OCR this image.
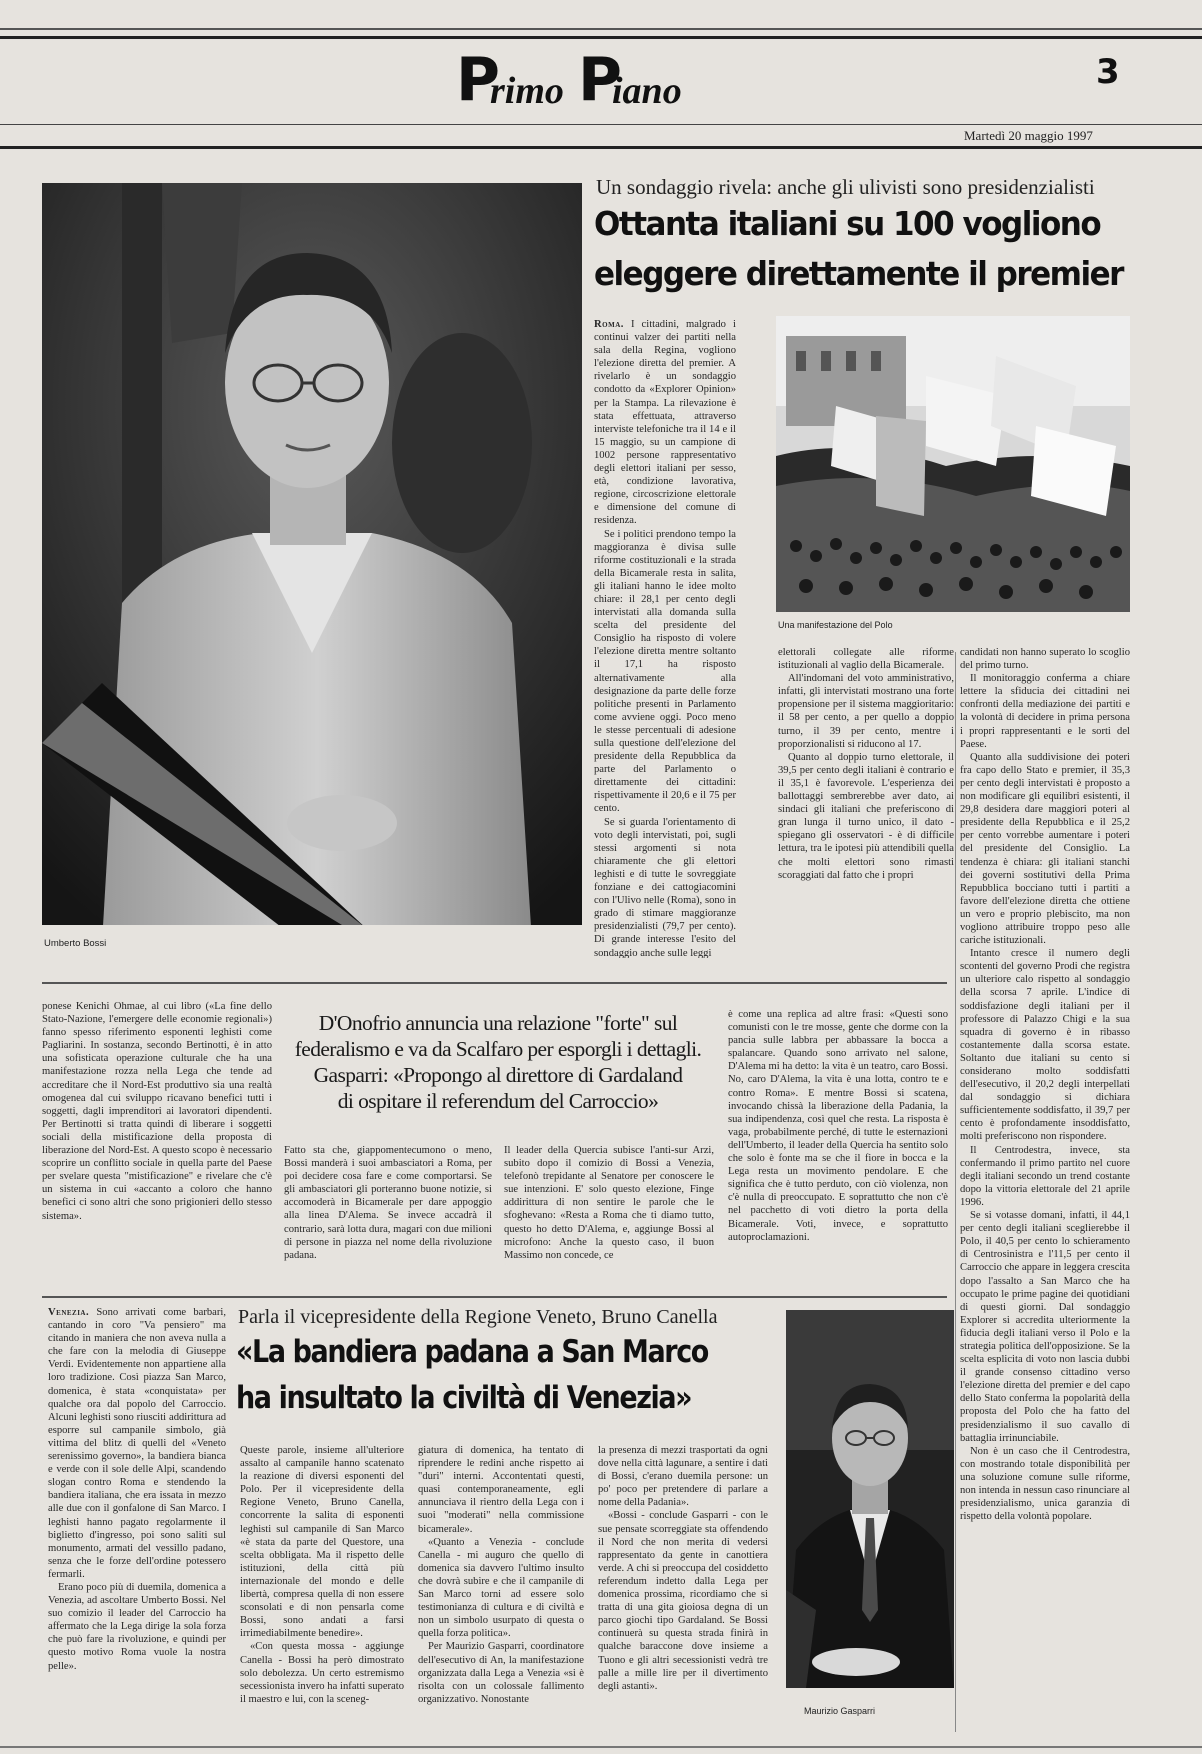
P
rimo P
iano	3
Martedì 20 maggio 1997
Umberto Bossi
Un sondaggio rivela: anche gli ulivisti sono presidenzialisti
Ottanta italiani su 100 vogliono
eleggere direttamente il premier

Roma. I cittadini, malgrado i continui valzer dei partiti nella sala della Regina, vogliono l'elezione diretta del premier. A rivelarlo è un sondaggio condotto da «Explorer Opinion» per la Stampa. La rilevazione è stata effettuata, attraverso interviste telefoniche tra il 14 e il 15 maggio, su un campione di 1002 persone rappresentativo degli elettori italiani per sesso, età, condizione lavorativa, regione, circoscrizione elettorale e dimensione del comune di residenza.

Se i politici prendono tempo la maggioranza è divisa sulle riforme costituzionali e la strada della Bicamerale resta in salita, gli italiani hanno le idee molto chiare: il 28,1 per cento degli intervistati alla domanda sulla scelta del presidente del Consiglio ha risposto di volere l'elezione diretta mentre soltanto il 17,1 ha risposto alternativamente alla designazione da parte delle forze politiche presenti in Parlamento come avviene oggi. Poco meno le stesse percentuali di adesione sulla questione dell'elezione del presidente della Repubblica da parte del Parlamento o direttamente dei cittadini: rispettivamente il 20,6 e il 75 per cento.

Se si guarda l'orientamento di voto degli intervistati, poi, sugli stessi argomenti si nota chiaramente che gli elettori leghisti e di tutte le sovreggiate fonziane e dei cattogiacomini con l'Ulivo nelle (Roma), sono in grado di stimare maggioranze presidenzialisti (79,7 per cento). Di grande interesse l'esito del sondaggio anche sulle leggi

Una manifestazione del Polo

elettorali collegate alle riforme istituzionali al vaglio della Bicamerale.

All'indomani del voto amministrativo, infatti, gli intervistati mostrano una forte propensione per il sistema maggioritario: il 58 per cento, a per quello a doppio turno, il 39 per cento, mentre i proporzionalisti si riducono al 17.

Quanto al doppio turno elettorale, il 39,5 per cento degli italiani è contrario e il 35,1 è favorevole. L'esperienza dei ballottaggi sembrerebbe aver dato, ai sindaci gli italiani che preferiscono di gran lunga il turno unico, il dato - spiegano gli osservatori - è di difficile lettura, tra le ipotesi più attendibili quella che molti elettori sono rimasti scoraggiati dal fatto che i propri

candidati non hanno superato lo scoglio del primo turno.

Il monitoraggio conferma a chiare lettere la sfiducia dei cittadini nei confronti della mediazione dei partiti e la volontà di decidere in prima persona i propri rappresentanti e le sorti del Paese.

Quanto alla suddivisione dei poteri fra capo dello Stato e premier, il 35,3 per cento degli intervistati è proposto a non modificare gli equilibri esistenti, il 29,8 desidera dare maggiori poteri al presidente della Repubblica e il 25,2 per cento vorrebbe aumentare i poteri del presidente del Consiglio. La tendenza è chiara: gli italiani stanchi dei governi sostitutivi della Prima Repubblica bocciano tutti i partiti a favore dell'elezione diretta che ottiene un vero e proprio plebiscito, ma non vogliono attribuire troppo peso alle cariche istituzionali.

Intanto cresce il numero degli scontenti del governo Prodi che registra un ulteriore calo rispetto al sondaggio della scorsa 7 aprile. L'indice di soddisfazione degli italiani per il professore di Palazzo Chigi e la sua squadra di governo è in ribasso costantemente dalla scorsa estate. Soltanto due italiani su cento si considerano molto soddisfatti dell'esecutivo, il 20,2 degli interpellati dal sondaggio si dichiara sufficientemente soddisfatto, il 39,7 per cento è profondamente insoddisfatto, molti preferiscono non rispondere.

Il Centrodestra, invece, sta confermando il primo partito nel cuore degli italiani secondo un trend costante dopo la vittoria elettorale del 21 aprile 1996.

Se si votasse domani, infatti, il 44,1 per cento degli italiani sceglierebbe il Polo, il 40,5 per cento lo schieramento di Centrosinistra e l'11,5 per cento il Carroccio che appare in leggera crescita dopo l'assalto a San Marco che ha occupato le prime pagine dei quotidiani di questi giorni. Dal sondaggio Explorer si accredita ulteriormente la fiducia degli italiani verso il Polo e la strategia politica dell'opposizione. Se la scelta esplicita di voto non lascia dubbi il grande consenso cittadino verso l'elezione diretta del premier e del capo dello Stato conferma la popolarità della proposta del Polo che ha fatto del presidenzialismo il suo cavallo di battaglia irrinunciabile.

Non è un caso che il Centrodestra, con mostrando totale disponibilità per una soluzione comune sulle riforme, non intenda in nessun caso rinunciare al presidenzialismo, unica garanzia di rispetto della volontà popolare.

ponese Kenichi Ohmae, al cui libro («La fine dello Stato-Nazione, l'emergere delle economie regionali») fanno spesso riferimento esponenti leghisti come Pagliarini. In sostanza, secondo Bertinotti, è in atto una sofisticata operazione culturale che ha una manifestazione rozza nella Lega che tende ad accreditare che il Nord-Est produttivo sia una realtà omogenea dal cui sviluppo ricavano benefici tutti i soggetti, dagli imprenditori ai lavoratori dipendenti. Per Bertinotti si tratta quindi di liberare i soggetti sociali della mistificazione della proposta di liberazione del Nord-Est. A questo scopo è necessario scoprire un conflitto sociale in quella parte del Paese per svelare questa "mistificazione" e rivelare che c'è un sistema in cui «accanto a coloro che hanno benefici ci sono altri che sono prigionieri dello stesso sistema».

D'Onofrio annuncia una relazione "forte" sul
federalismo e va da Scalfaro per esporgli i dettagli.
Gasparri: «Propongo al direttore di Gardaland
di ospitare il referendum del Carroccio»

Fatto sta che, giappomentecumono o meno, Bossi manderà i suoi ambasciatori a Roma, per poi decidere cosa fare e come comportarsi. Se gli ambasciatori gli porteranno buone notizie, si accomoderà in Bicamerale per dare appoggio alla linea D'Alema. Se invece accadrà il contrario, sarà lotta dura, magari con due milioni di persone in piazza nel nome della rivoluzione padana.

Il leader della Quercia subisce l'anti-sur Arzi, subito dopo il comizio di Bossi a Venezia, telefonò trepidante al Senatore per conoscere le sue intenzioni. E' solo questo elezione, Finge addirittura di non sentire le parole che le sfoghevano: «Resta a Roma che ti diamo tutto, questo ho detto D'Alema, e, aggiunge Bossi al microfono: Anche la questo caso, il buon Massimo non concede, ce

è come una replica ad altre frasi: «Questi sono comunisti con le tre mosse, gente che dorme con la pancia sulle labbra per abbassare la bocca a spalancare. Quando sono arrivato nel salone, D'Alema mi ha detto: la vita è un teatro, caro Bossi. No, caro D'Alema, la vita è una lotta, contro te e contro Roma». E mentre Bossi si scatena, invocando chissà la liberazione della Padania, la sua indipendenza, così quel che resta. La risposta è vaga, probabilmente perché, di tutte le esternazioni dell'Umberto, il leader della Quercia ha sentito solo che solo è fonte ma se che il fiore in bocca e la Lega resta un movimento pendolare. E che significa che è tutto perduto, con ciò violenza, non c'è nulla di preoccupato. E soprattutto che non c'è nel pacchetto di voti dietro la porta della Bicamerale. Voti, invece, e soprattutto autoproclamazioni.

Venezia. Sono arrivati come barbari, cantando in coro "Va pensiero" ma citando in maniera che non aveva nulla a che fare con la melodia di Giuseppe Verdi. Evidentemente non appartiene alla loro tradizione. Così piazza San Marco, domenica, è stata «conquistata» per qualche ora dal popolo del Carroccio. Alcuni leghisti sono riusciti addirittura ad esporre sul campanile simbolo, già vittima del blitz di quelli del «Veneto serenissimo governo», la bandiera bianca e verde con il sole delle Alpi, scandendo slogan contro Roma e stendendo la bandiera italiana, che era issata in mezzo alle due con il gonfalone di San Marco. I leghisti hanno pagato regolarmente il biglietto d'ingresso, poi sono saliti sul monumento, armati del vessillo padano, senza che le forze dell'ordine potessero fermarli.

Erano poco più di duemila, domenica a Venezia, ad ascoltare Umberto Bossi. Nel suo comizio il leader del Carroccio ha affermato che la Lega dirige la sola forza che può fare la rivoluzione, e quindi per questo motivo Roma vuole la nostra pelle».

Parla il vicepresidente della Regione Veneto, Bruno Canella
«La bandiera padana a San Marco
ha insultato la civiltà di Venezia»

Queste parole, insieme all'ulteriore assalto al campanile hanno scatenato la reazione di diversi esponenti del Polo. Per il vicepresidente della Regione Veneto, Bruno Canella, concorrente la salita di esponenti leghisti sul campanile di San Marco «è stata da parte del Questore, una scelta obbligata. Ma il rispetto delle istituzioni, della città più internazionale del mondo e delle libertà, compresa quella di non essere sconsolati e di non pensarla come Bossi, sono andati a farsi irrimediabilmente benedire».

«Con questa mossa - aggiunge Canella - Bossi ha però dimostrato solo debolezza. Un certo estremismo secessionista invero ha infatti superato il maestro e lui, con la sceneg-

giatura di domenica, ha tentato di riprendere le redini anche rispetto ai "duri" interni. Accontentati questi, quasi contemporaneamente, egli annunciava il rientro della Lega con i suoi "moderati" nella commissione bicamerale».

«Quanto a Venezia - conclude Canella - mi auguro che quello di domenica sia davvero l'ultimo insulto che dovrà subire e che il campanile di San Marco torni ad essere solo testimonianza di cultura e di civiltà e non un simbolo usurpato di questa o quella forza politica».

Per Maurizio Gasparri, coordinatore dell'esecutivo di An, la manifestazione organizzata dalla Lega a Venezia «si è risolta con un colossale fallimento organizzativo. Nonostante

la presenza di mezzi trasportati da ogni dove nella città lagunare, a sentire i dati di Bossi, c'erano duemila persone: un po' poco per pretendere di parlare a nome della Padania».

«Bossi - conclude Gasparri - con le sue pensate scorreggiate sta offendendo il Nord che non merita di vedersi rappresentato da gente in canottiera verde. A chi si preoccupa del cosiddetto referendum indetto dalla Lega per domenica prossima, ricordiamo che si tratta di una gita gioiosa degna di un parco giochi tipo Gardaland. Se Bossi continuerà su questa strada finirà in qualche baraccone dove insieme a Tuono e gli altri secessionisti vedrà tre palle a mille lire per il divertimento degli astanti».

Maurizio Gasparri
